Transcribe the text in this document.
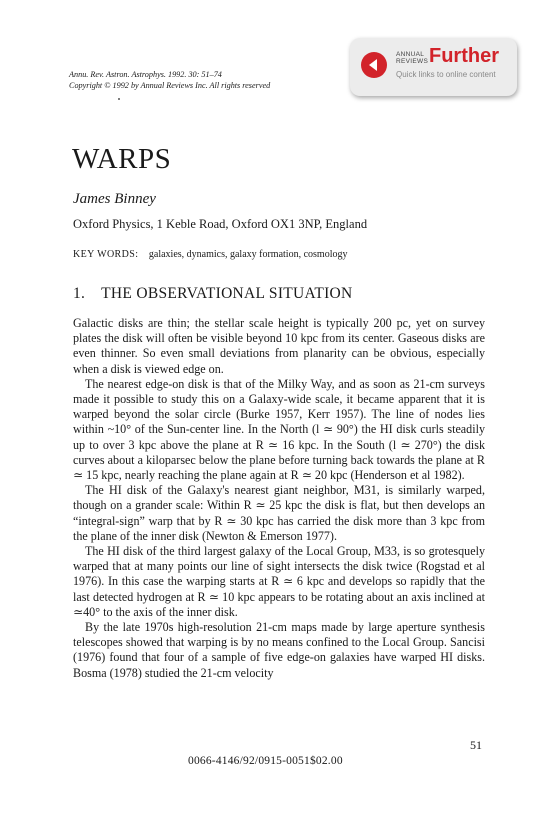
Annu. Rev. Astron. Astrophys. 1992. 30: 51–74
Copyright © 1992 by Annual Reviews Inc. All rights reserved
ANNUAL
REVIEWS Further
Quick links to online content
WARPS
James Binney
Oxford Physics, 1 Keble Road, Oxford OX1 3NP, England
KEY WORDS: galaxies, dynamics, galaxy formation, cosmology
1. THE OBSERVATIONAL SITUATION

Galactic disks are thin; the stellar scale height is typically 200 pc, yet on survey plates the disk will often be visible beyond 10 kpc from its center. Gaseous disks are even thinner. So even small deviations from planarity can be obvious, especially when a disk is viewed edge on.

The nearest edge-on disk is that of the Milky Way, and as soon as 21-cm surveys made it possible to study this on a Galaxy-wide scale, it became apparent that it is warped beyond the solar circle (Burke 1957, Kerr 1957). The line of nodes lies within ~10° of the Sun-center line. In the North (l ≃ 90°) the HI disk curls steadily up to over 3 kpc above the plane at R ≃ 16 kpc. In the South (l ≃ 270°) the disk curves about a kiloparsec below the plane before turning back towards the plane at R ≃ 15 kpc, nearly reaching the plane again at R ≃ 20 kpc (Henderson et al 1982).

The HI disk of the Galaxy's nearest giant neighbor, M31, is similarly warped, though on a grander scale: Within R ≃ 25 kpc the disk is flat, but then develops an “integral-sign” warp that by R ≃ 30 kpc has carried the disk more than 3 kpc from the plane of the inner disk (Newton & Emerson 1977).

The HI disk of the third largest galaxy of the Local Group, M33, is so grotesquely warped that at many points our line of sight intersects the disk twice (Rogstad et al 1976). In this case the warping starts at R ≃ 6 kpc and develops so rapidly that the last detected hydrogen at R ≃ 10 kpc appears to be rotating about an axis inclined at ≃40° to the axis of the inner disk.

By the late 1970s high-resolution 21-cm maps made by large aperture synthesis telescopes showed that warping is by no means confined to the Local Group. Sancisi (1976) found that four of a sample of five edge-on galaxies have warped HI disks. Bosma (1978) studied the 21-cm velocity

51
0066-4146/92/0915-0051$02.00
